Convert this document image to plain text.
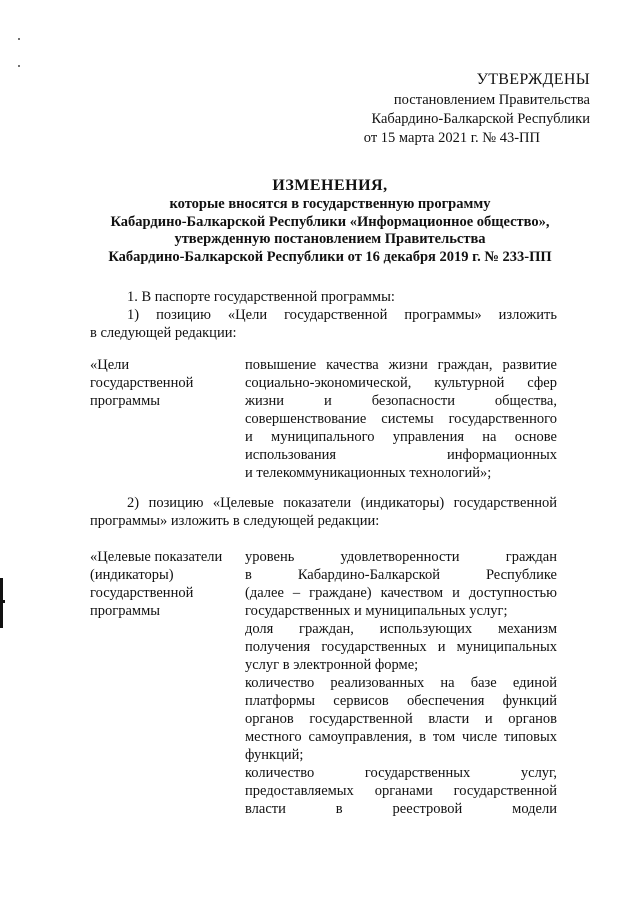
УТВЕРЖДЕНЫ
постановлением Правительства
Кабардино-Балкарской Республики
от 15 марта 2021 г. № 43-ПП
ИЗМЕНЕНИЯ,
которые вносятся в государственную программу
Кабардино-Балкарской Республики «Информационное общество»,
утвержденную постановлением Правительства
Кабардино-Балкарской Республики от 16 декабря 2019 г. № 233-ПП
1. В паспорте государственной программы:
1) позицию «Цели государственной программы» изложить
в следующей редакции:
«Цели
государственной
программы
повышение качества жизни граждан, развитие
социально-экономической, культурной сфер
жизни и безопасности общества,
совершенствование системы государственного
и муниципального управления на основе
использования информационных
и телекоммуникационных технологий»;
2) позицию «Целевые показатели (индикаторы) государственной
программы» изложить в следующей редакции:
«Целевые показатели
(индикаторы)
государственной
программы
уровень удовлетворенности граждан
в Кабардино-Балкарской Республике
(далее – граждане) качеством и доступностью
государственных и муниципальных услуг;
доля граждан, использующих механизм
получения государственных и муниципальных
услуг в электронной форме;
количество реализованных на базе единой
платформы сервисов обеспечения функций
органов государственной власти и органов
местного самоуправления, в том числе типовых
функций;
количество государственных услуг,
предоставляемых органами государственной
власти в реестровой модели
